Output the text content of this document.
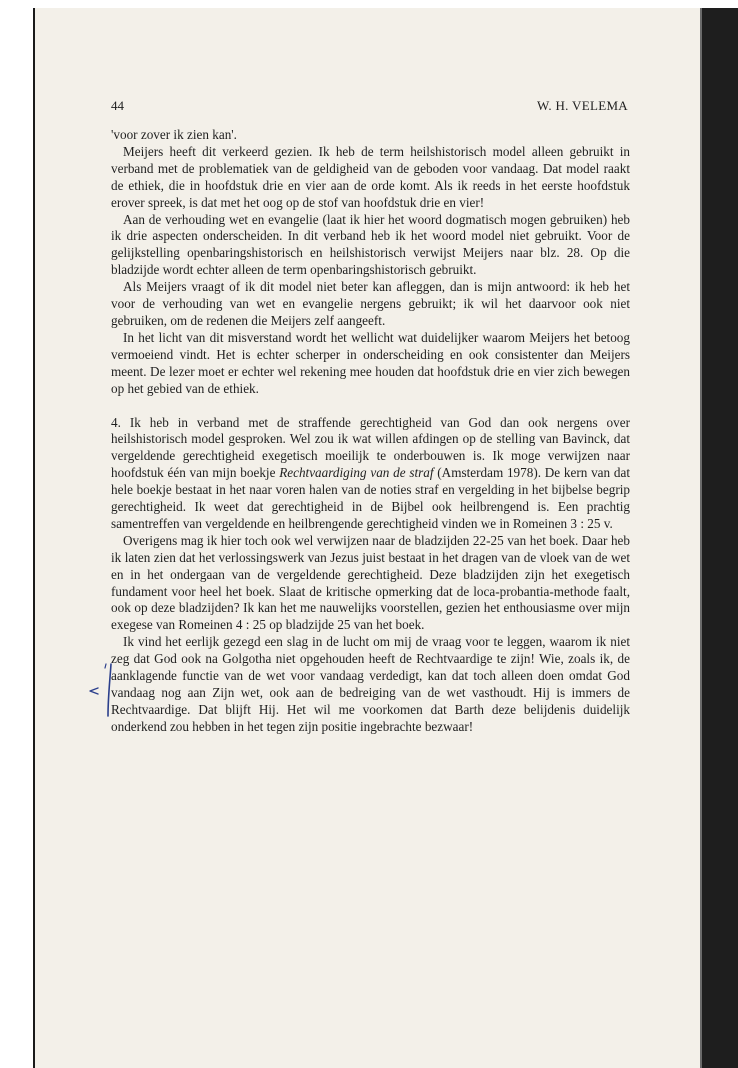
44	W. H. VELEMA

'voor zover ik zien kan'.

Meijers heeft dit verkeerd gezien. Ik heb de term heilshistorisch model alleen gebruikt in verband met de problematiek van de geldigheid van de geboden voor vandaag. Dat model raakt de ethiek, die in hoofdstuk drie en vier aan de orde komt. Als ik reeds in het eerste hoofdstuk erover spreek, is dat met het oog op de stof van hoofdstuk drie en vier!

Aan de verhouding wet en evangelie (laat ik hier het woord dogmatisch mogen gebruiken) heb ik drie aspecten onderscheiden. In dit verband heb ik het woord model niet gebruikt. Voor de gelijkstelling openbaringshistorisch en heilshistorisch verwijst Meijers naar blz. 28. Op die bladzijde wordt echter alleen de term openbaringshistorisch gebruikt.

Als Meijers vraagt of ik dit model niet beter kan afleggen, dan is mijn antwoord: ik heb het voor de verhouding van wet en evangelie nergens gebruikt; ik wil het daarvoor ook niet gebruiken, om de redenen die Meijers zelf aangeeft.

In het licht van dit misverstand wordt het wellicht wat duidelijker waarom Meijers het betoog vermoeiend vindt. Het is echter scherper in onderscheiding en ook consistenter dan Meijers meent. De lezer moet er echter wel rekening mee houden dat hoofdstuk drie en vier zich bewegen op het gebied van de ethiek.

4. Ik heb in verband met de straffende gerechtigheid van God dan ook nergens over heilshistorisch model gesproken. Wel zou ik wat willen afdingen op de stelling van Bavinck, dat vergeldende gerechtigheid exegetisch moeilijk te onderbouwen is. Ik moge verwijzen naar hoofdstuk één van mijn boekje Rechtvaardiging van de straf (Amsterdam 1978). De kern van dat hele boekje bestaat in het naar voren halen van de noties straf en vergelding in het bijbelse begrip gerechtigheid. Ik weet dat gerechtigheid in de Bijbel ook heilbrengend is. Een prachtig samentreffen van vergeldende en heilbrengende gerechtigheid vinden we in Romeinen 3 : 25 v.

Overigens mag ik hier toch ook wel verwijzen naar de bladzijden 22-25 van het boek. Daar heb ik laten zien dat het verlossingswerk van Jezus juist bestaat in het dragen van de vloek van de wet en in het ondergaan van de vergeldende gerechtigheid. Deze bladzijden zijn het exegetisch fundament voor heel het boek. Slaat de kritische opmerking dat de loca-probantia-methode faalt, ook op deze bladzijden? Ik kan het me nauwelijks voorstellen, gezien het enthousiasme over mijn exegese van Romeinen 4 : 25 op bladzijde 25 van het boek.

Ik vind het eerlijk gezegd een slag in de lucht om mij de vraag voor te leggen, waarom ik niet zeg dat God ook na Golgotha niet opgehouden heeft de Rechtvaardige te zijn! Wie, zoals ik, de aanklagende functie van de wet voor vandaag verdedigt, kan dat toch alleen doen omdat God vandaag nog aan Zijn wet, ook aan de bedreiging van de wet vasthoudt. Hij is immers de Rechtvaardige. Dat blijft Hij. Het wil me voorkomen dat Barth deze belijdenis duidelijk onderkend zou hebben in het tegen zijn positie ingebrachte bezwaar!
